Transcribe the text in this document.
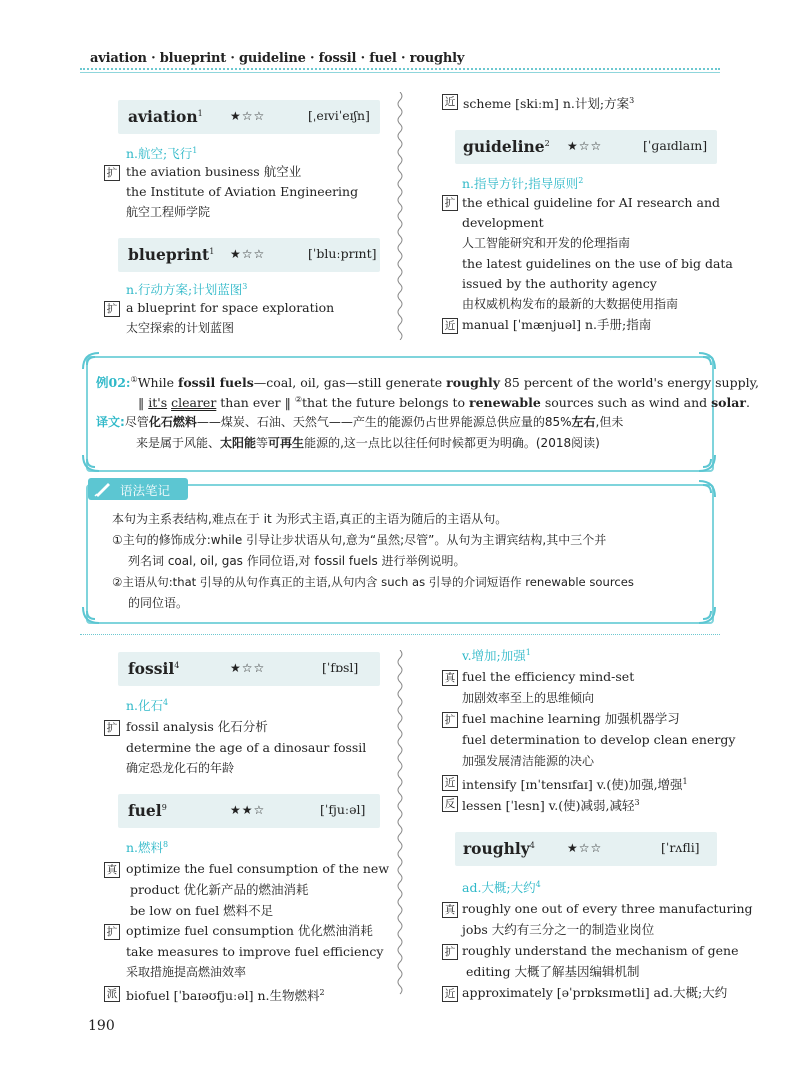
aviation · blueprint · guideline · fossil · fuel · roughly
aviation$^1$ ★☆☆	[ˌeɪviˈeɪʃn]
n.航空;飞行$^1$
扩 the aviation business 航空业
the Institute of Aviation Engineering
航空工程师学院
blueprint$^1$ ★☆☆	[ˈbluːprɪnt]
n.行动方案;计划蓝图$^3$
扩 a blueprint for space exploration
太空探索的计划蓝图
近 scheme [skiːm] n.计划;方案$^3$
guideline$^2$ ★☆☆	[ˈɡaɪdlaɪn]
n.指导方针;指导原则$^2$
扩 the ethical guideline for AI research and
development
人工智能研究和开发的伦理指南
the latest guidelines on the use of big data
issued by the authority agency
由权威机构发布的最新的大数据使用指南
近 manual [ˈmænjuəl] n.手册;指南
例02:①While fossil fuels—coal, oil, gas—still generate roughly 85 percent of the world's energy supply,
‖ it's clearer than ever ‖ ②that the future belongs to renewable sources such as wind and solar.
译文:尽管化石燃料——煤炭、石油、天然气——产生的能源仍占世界能源总供应量的85%左右,但未
来是属于风能、太阳能等可再生能源的,这一点比以往任何时候都更为明确。(2018阅读)
语法笔记
本句为主系表结构,难点在于 it 为形式主语,真正的主语为随后的主语从句。
①主句的修饰成分:while 引导让步状语从句,意为“虽然;尽管”。从句为主谓宾结构,其中三个并
列名词 coal, oil, gas 作同位语,对 fossil fuels 进行举例说明。
②主语从句:that 引导的从句作真正的主语,从句内含 such as 引导的介词短语作 renewable sources
的同位语。
fossil$^4$	★☆☆	[ˈfɒsl]
n.化石$^4$
扩 fossil analysis 化石分析
determine the age of a dinosaur fossil
确定恐龙化石的年龄
fuel$^9$	★★☆	[ˈfjuːəl]
n.燃料$^8$
真 optimize the fuel consumption of the new
product 优化新产品的燃油消耗
be low on fuel 燃料不足
扩 optimize fuel consumption 优化燃油消耗
take measures to improve fuel efficiency
采取措施提高燃油效率
派 biofuel [ˈbaɪəʊfjuːəl] n.生物燃料$^2$
v.增加;加强$^1$
真 fuel the efficiency mind-set
加剧效率至上的思维倾向
扩 fuel machine learning 加强机器学习
fuel determination to develop clean energy
加强发展清洁能源的决心
近 intensify [ɪnˈtensɪfaɪ] v.(使)加强,增强$^1$
反 lessen [ˈlesn] v.(使)减弱,减轻$^3$
roughly$^4$	★☆☆	[ˈrʌfli]
ad.大概;大约$^4$
真 roughly one out of every three manufacturing
jobs 大约有三分之一的制造业岗位
扩 roughly understand the mechanism of gene
editing 大概了解基因编辑机制
近 approximately [əˈprɒksɪmətli] ad.大概;大约
190
